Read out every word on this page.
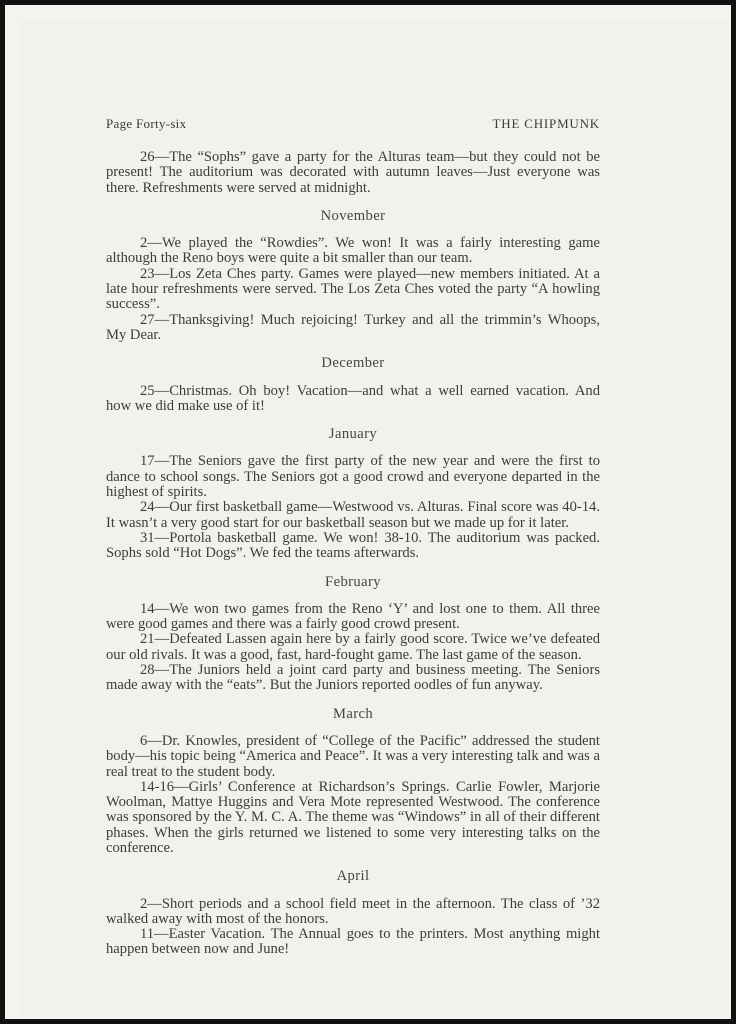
Page Forty-six	THE CHIPMUNK

26—The “Sophs” gave a party for the Alturas team—but they could not be present! The auditorium was decorated with autumn leaves—Just everyone was there. Refreshments were served at midnight.

November

2—We played the “Rowdies”. We won! It was a fairly interesting game although the Reno boys were quite a bit smaller than our team.

23—Los Zeta Ches party. Games were played—new members initiated. At a late hour refreshments were served. The Los Zeta Ches voted the party “A howling success”.

27—Thanksgiving! Much rejoicing! Turkey and all the trimmin’s Whoops, My Dear.

December

25—Christmas. Oh boy! Vacation—and what a well earned vacation. And how we did make use of it!

January

17—The Seniors gave the first party of the new year and were the first to dance to school songs. The Seniors got a good crowd and everyone departed in the highest of spirits.

24—Our first basketball game—Westwood vs. Alturas. Final score was 40-14. It wasn’t a very good start for our basketball season but we made up for it later.

31—Portola basketball game. We won! 38-10. The auditorium was packed. Sophs sold “Hot Dogs”. We fed the teams afterwards.

February

14—We won two games from the Reno ‘Y’ and lost one to them. All three were good games and there was a fairly good crowd present.

21—Defeated Lassen again here by a fairly good score. Twice we’ve defeated our old rivals. It was a good, fast, hard-fought game. The last game of the season.

28—The Juniors held a joint card party and business meeting. The Seniors made away with the “eats”. But the Juniors reported oodles of fun anyway.

March

6—Dr. Knowles, president of “College of the Pacific” addressed the student body—his topic being “America and Peace”. It was a very interesting talk and was a real treat to the student body.

14-16—Girls’ Conference at Richardson’s Springs. Carlie Fowler, Marjorie Woolman, Mattye Huggins and Vera Mote represented Westwood. The conference was sponsored by the Y. M. C. A. The theme was “Windows” in all of their different phases. When the girls returned we listened to some very interesting talks on the conference.

April

2—Short periods and a school field meet in the afternoon. The class of ’32 walked away with most of the honors.

11—Easter Vacation. The Annual goes to the printers. Most anything might happen between now and June!
